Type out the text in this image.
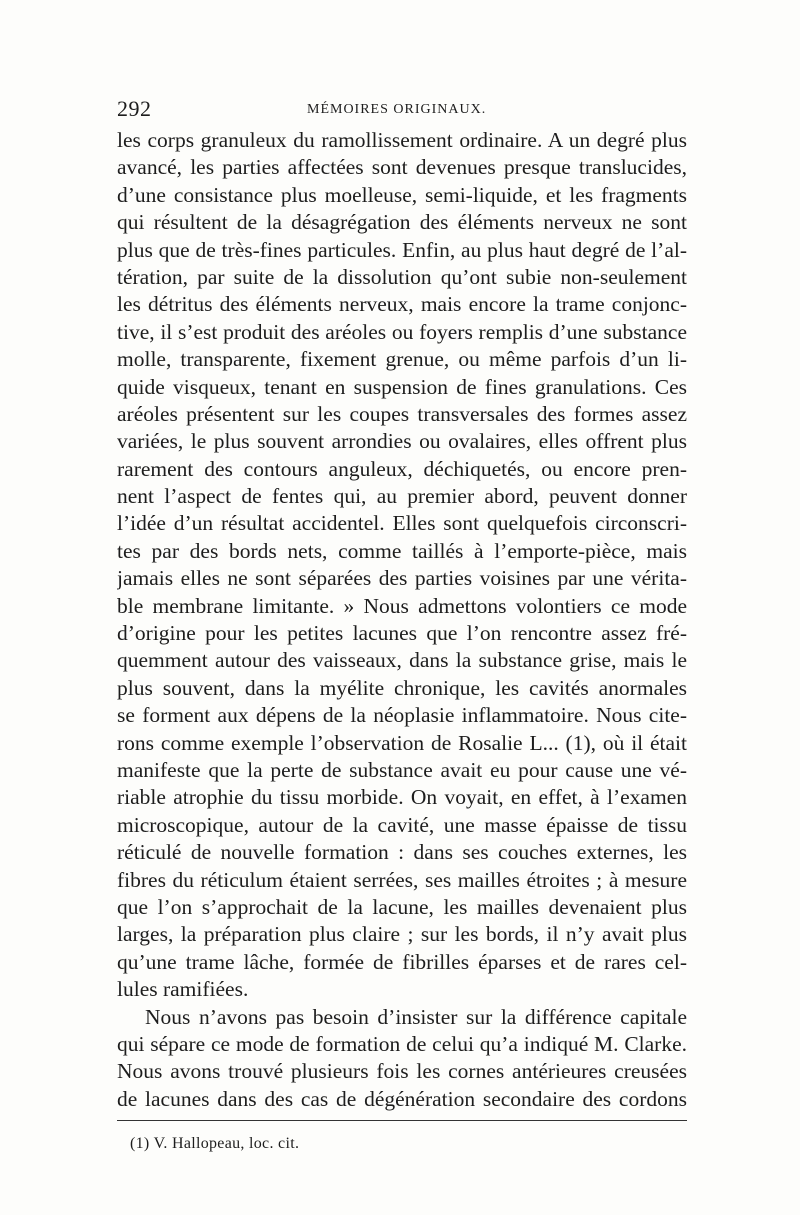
292	MÉMOIRES ORIGINAUX.
les corps granuleux du ramollissement ordinaire. A un degré plus
avancé, les parties affectées sont devenues presque translucides,
d’une consistance plus moelleuse, semi-liquide, et les fragments
qui résultent de la désagrégation des éléments nerveux ne sont
plus que de très-fines particules. Enfin, au plus haut degré de l’al-
tération, par suite de la dissolution qu’ont subie non-seulement
les détritus des éléments nerveux, mais encore la trame conjonc-
tive, il s’est produit des aréoles ou foyers remplis d’une substance
molle, transparente, fixement grenue, ou même parfois d’un li-
quide visqueux, tenant en suspension de fines granulations. Ces
aréoles présentent sur les coupes transversales des formes assez
variées, le plus souvent arrondies ou ovalaires, elles offrent plus
rarement des contours anguleux, déchiquetés, ou encore pren-
nent l’aspect de fentes qui, au premier abord, peuvent donner
l’idée d’un résultat accidentel. Elles sont quelquefois circonscri-
tes par des bords nets, comme taillés à l’emporte-pièce, mais
jamais elles ne sont séparées des parties voisines par une vérita-
ble membrane limitante. » Nous admettons volontiers ce mode
d’origine pour les petites lacunes que l’on rencontre assez fré-
quemment autour des vaisseaux, dans la substance grise, mais le
plus souvent, dans la myélite chronique, les cavités anormales
se forment aux dépens de la néoplasie inflammatoire. Nous cite-
rons comme exemple l’observation de Rosalie L... (1), où il était
manifeste que la perte de substance avait eu pour cause une vé-
riable atrophie du tissu morbide. On voyait, en effet, à l’examen
microscopique, autour de la cavité, une masse épaisse de tissu
réticulé de nouvelle formation : dans ses couches externes, les
fibres du réticulum étaient serrées, ses mailles étroites ; à mesure
que l’on s’approchait de la lacune, les mailles devenaient plus
larges, la préparation plus claire ; sur les bords, il n’y avait plus
qu’une trame lâche, formée de fibrilles éparses et de rares cel-
lules ramifiées.
Nous n’avons pas besoin d’insister sur la différence capitale
qui sépare ce mode de formation de celui qu’a indiqué M. Clarke.
Nous avons trouvé plusieurs fois les cornes antérieures creusées
de lacunes dans des cas de dégénération secondaire des cordons
(1) V. Hallopeau, loc. cit.
